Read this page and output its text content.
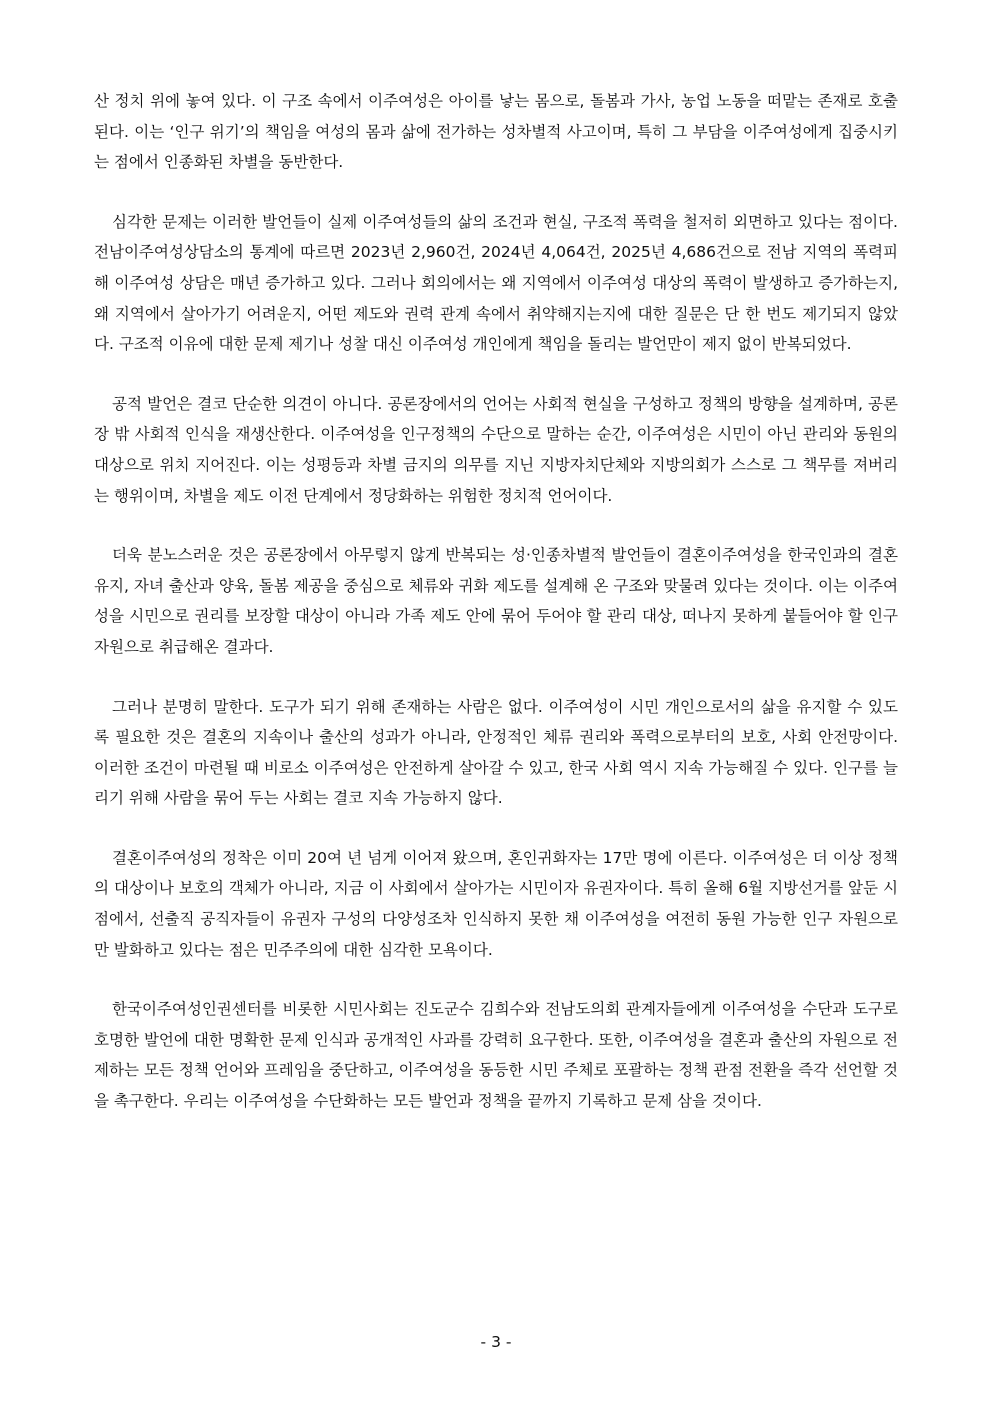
산 정치 위에 놓여 있다. 이 구조 속에서 이주여성은 아이를 낳는 몸으로, 돌봄과 가사, 농업 노동을 떠맡는 존재로 호출된다. 이는 ‘인구 위기’의 책임을 여성의 몸과 삶에 전가하는 성차별적 사고이며, 특히 그 부담을 이주여성에게 집중시키는 점에서 인종화된 차별을 동반한다.

심각한 문제는 이러한 발언들이 실제 이주여성들의 삶의 조건과 현실, 구조적 폭력을 철저히 외면하고 있다는 점이다. 전남이주여성상담소의 통계에 따르면 2023년 2,960건, 2024년 4,064건, 2025년 4,686건으로 전남 지역의 폭력피해 이주여성 상담은 매년 증가하고 있다. 그러나 회의에서는 왜 지역에서 이주여성 대상의 폭력이 발생하고 증가하는지, 왜 지역에서 살아가기 어려운지, 어떤 제도와 권력 관계 속에서 취약해지는지에 대한 질문은 단 한 번도 제기되지 않았다. 구조적 이유에 대한 문제 제기나 성찰 대신 이주여성 개인에게 책임을 돌리는 발언만이 제지 없이 반복되었다.

공적 발언은 결코 단순한 의견이 아니다. 공론장에서의 언어는 사회적 현실을 구성하고 정책의 방향을 설계하며, 공론장 밖 사회적 인식을 재생산한다. 이주여성을 인구정책의 수단으로 말하는 순간, 이주여성은 시민이 아닌 관리와 동원의 대상으로 위치 지어진다. 이는 성평등과 차별 금지의 의무를 지닌 지방자치단체와 지방의회가 스스로 그 책무를 져버리는 행위이며, 차별을 제도 이전 단계에서 정당화하는 위험한 정치적 언어이다.

더욱 분노스러운 것은 공론장에서 아무렇지 않게 반복되는 성·인종차별적 발언들이 결혼이주여성을 한국인과의 결혼 유지, 자녀 출산과 양육, 돌봄 제공을 중심으로 체류와 귀화 제도를 설계해 온 구조와 맞물려 있다는 것이다. 이는 이주여성을 시민으로 권리를 보장할 대상이 아니라 가족 제도 안에 묶어 두어야 할 관리 대상, 떠나지 못하게 붙들어야 할 인구 자원으로 취급해온 결과다.

그러나 분명히 말한다. 도구가 되기 위해 존재하는 사람은 없다. 이주여성이 시민 개인으로서의 삶을 유지할 수 있도록 필요한 것은 결혼의 지속이나 출산의 성과가 아니라, 안정적인 체류 권리와 폭력으로부터의 보호, 사회 안전망이다. 이러한 조건이 마련될 때 비로소 이주여성은 안전하게 살아갈 수 있고, 한국 사회 역시 지속 가능해질 수 있다. 인구를 늘리기 위해 사람을 묶어 두는 사회는 결코 지속 가능하지 않다.

결혼이주여성의 정착은 이미 20여 년 넘게 이어져 왔으며, 혼인귀화자는 17만 명에 이른다. 이주여성은 더 이상 정책의 대상이나 보호의 객체가 아니라, 지금 이 사회에서 살아가는 시민이자 유권자이다. 특히 올해 6월 지방선거를 앞둔 시점에서, 선출직 공직자들이 유권자 구성의 다양성조차 인식하지 못한 채 이주여성을 여전히 동원 가능한 인구 자원으로만 발화하고 있다는 점은 민주주의에 대한 심각한 모욕이다.

한국이주여성인권센터를 비롯한 시민사회는 진도군수 김희수와 전남도의회 관계자들에게 이주여성을 수단과 도구로 호명한 발언에 대한 명확한 문제 인식과 공개적인 사과를 강력히 요구한다. 또한, 이주여성을 결혼과 출산의 자원으로 전제하는 모든 정책 언어와 프레임을 중단하고, 이주여성을 동등한 시민 주체로 포괄하는 정책 관점 전환을 즉각 선언할 것을 촉구한다. 우리는 이주여성을 수단화하는 모든 발언과 정책을 끝까지 기록하고 문제 삼을 것이다.

- 3 -
